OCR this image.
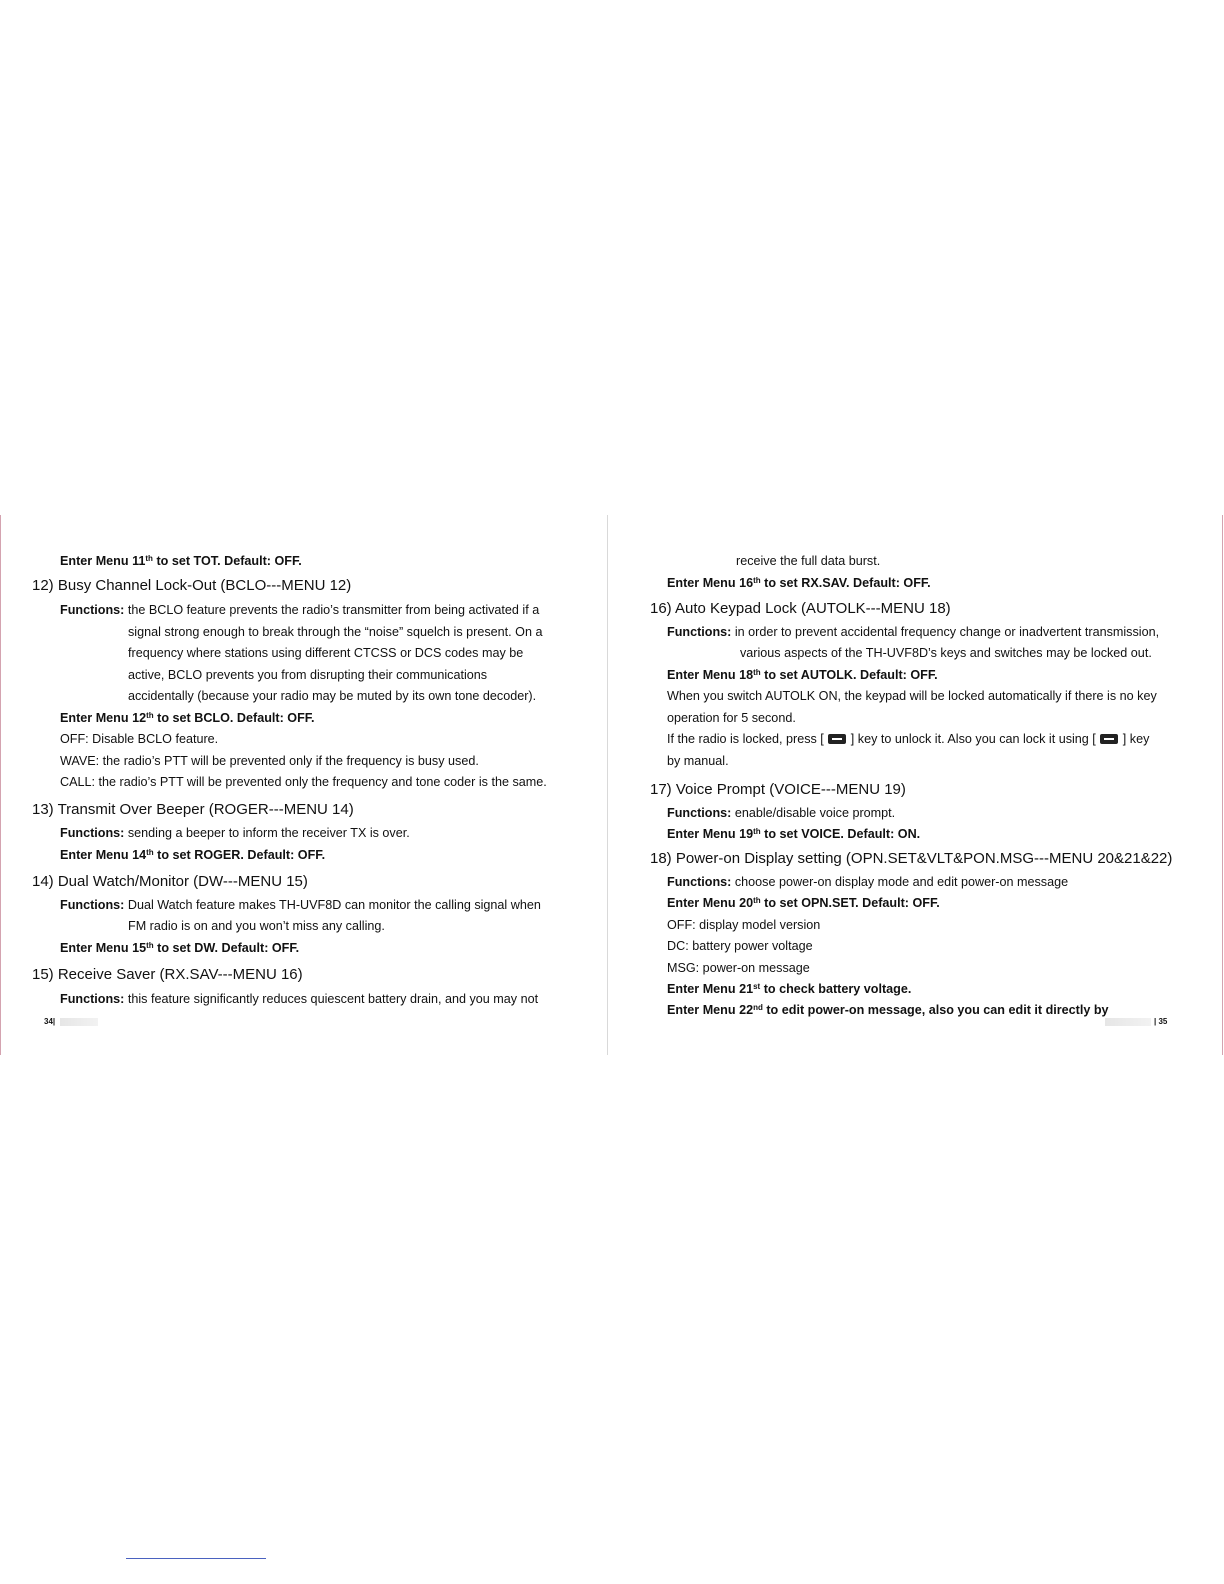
Enter Menu 11th to set TOT. Default: OFF.
12) Busy Channel Lock-Out (BCLO---MENU 12)
Functions: the BCLO feature prevents the radio’s transmitter from being activated if a
signal strong enough to break through the “noise” squelch is present. On a
frequency where stations using different CTCSS or DCS codes may be
active, BCLO prevents you from disrupting their communications
accidentally (because your radio may be muted by its own tone decoder).
Enter Menu 12th to set BCLO. Default: OFF.
OFF: Disable BCLO feature.
WAVE: the radio’s PTT will be prevented only if the frequency is busy used.
CALL: the radio’s PTT will be prevented only the frequency and tone coder is the same.
13) Transmit Over Beeper (ROGER---MENU 14)
Functions: sending a beeper to inform the receiver TX is over.
Enter Menu 14th to set ROGER. Default: OFF.
14) Dual Watch/Monitor (DW---MENU 15)
Functions: Dual Watch feature makes TH-UVF8D can monitor the calling signal when
FM radio is on and you won’t miss any calling.
Enter Menu 15th to set DW. Default: OFF.
15) Receive Saver (RX.SAV---MENU 16)
Functions: this feature significantly reduces quiescent battery drain, and you may not
34|
receive the full data burst.
Enter Menu 16th to set RX.SAV. Default: OFF.
16) Auto Keypad Lock (AUTOLK---MENU 18)
Functions: in order to prevent accidental frequency change or inadvertent transmission,
various aspects of the TH-UVF8D’s keys and switches may be locked out.
Enter Menu 18th to set AUTOLK. Default: OFF.
When you switch AUTOLK ON, the keypad will be locked automatically if there is no key
operation for 5 second.
If the radio is locked, press [ ] key to unlock it. Also you can lock it using [ ] key
by manual.
17) Voice Prompt (VOICE---MENU 19)
Functions: enable/disable voice prompt.
Enter Menu 19th to set VOICE. Default: ON.
18) Power-on Display setting (OPN.SET&VLT&PON.MSG---MENU 20&21&22)
Functions: choose power-on display mode and edit power-on message
Enter Menu 20th to set OPN.SET. Default: OFF.
OFF: display model version
DC: battery power voltage
MSG: power-on message
Enter Menu 21st to check battery voltage.
Enter Menu 22nd to edit power-on message, also you can edit it directly by
| 35
